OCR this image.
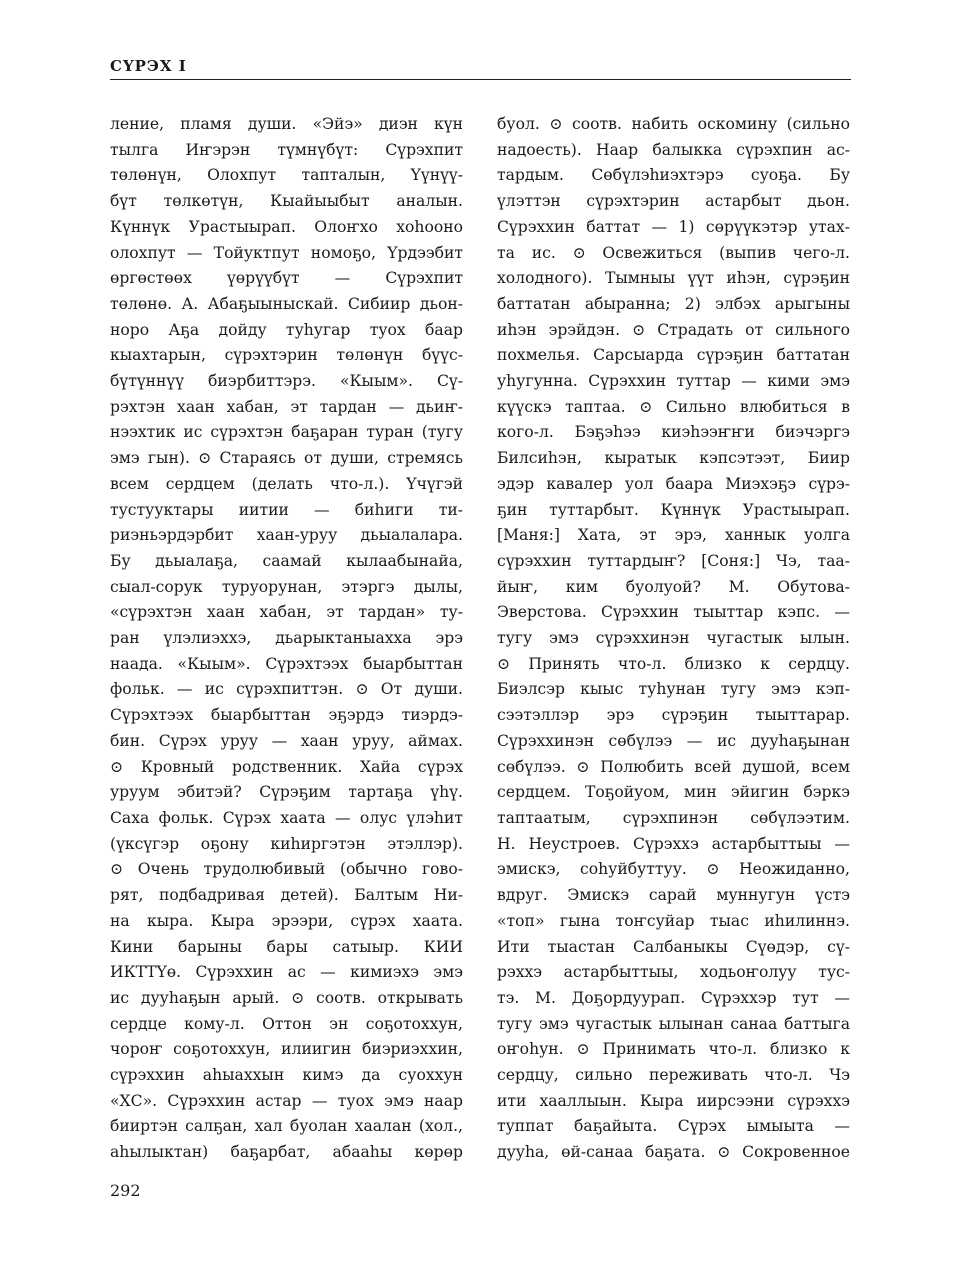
СҮРЭХ I
ление, пламя души. «Эйэ» диэн күн
тылга Иҥэрэн түмнүбүт: Сүрэхпит
төлөнүн, Олохпут тапталын, Үүнүү-
бүт төлкөтүн, Кыайыыбыт аналын.
Күннүк Урастыырап. Олоҥхо хоһооно
олохпут — Тойуктпут номоҕо, Үрдээбит
өргөстөөх үөрүүбүт — Сүрэхпит
төлөнө. А. Абаҕыыныскай. Сибиир дьон-
норо Аҕа дойду туһугар туох баар
кыахтарын, сүрэхтэрин төлөнүн бүүс-
бүтүннүү биэрбиттэрэ. «Кыым». Сү-
рэхтэн хаан хабан, эт тардан — дьиҥ-
нээхтик ис сүрэхтэн баҕаран туран (тугу
эмэ гын). ⊙ Стараясь от души, стремясь
всем сердцем (делать что-л.). Үчүгэй
тустууктары иитии — биһиги ти-
риэньэрдэрбит хаан-уруу дьыалалара.
Бу дьыалаҕа, саамай кылаабынайа,
сыал-сорук туруорунан, этэргэ дылы,
«сүрэхтэн хаан хабан, эт тардан» ту-
ран үлэлиэххэ, дьарыктаныахха эрэ
наада. «Кыым». Сүрэхтээх быарбыттан
фольк. — ис сүрэхпиттэн. ⊙ От души.
Сүрэхтээх быарбыттан эҕэрдэ тиэрдэ-
бин. Сүрэх уруу — хаан уруу, аймах.
⊙ Кровный родственник. Хайа сүрэх
уруум эбитэй? Сүрэҕим тартаҕа үһү.
Саха фольк. Сүрэх хаата — олус үлэһит
(үксүгэр оҕону киһиргэтэн этэллэр).
⊙ Очень трудолюбивый (обычно гово-
рят, подбадривая детей). Балтым Ни-
на кыра. Кыра эрээри, сүрэх хаата.
Кини барыны бары сатыыр. КИИ
ИКТТҮө. Сүрэххин ас — кимиэхэ эмэ
ис дууһаҕын арый. ⊙ соотв. открывать
сердце кому-л. Оттон эн соҕотоххун,
чороҥ соҕотоххун, илиигин биэриэххин,
сүрэххин аһыаххын кимэ да суоххун
«ХС». Сүрэххин астар — туох эмэ наар
бииртэн салҕан, хал буолан хаалан (хол.,
аһылыктан) баҕарбат, абааһы көрөр
буол. ⊙ соотв. набить оскомину (сильно
надоесть). Наар балыкка сүрэхпин ас-
тардым. Сөбүлэһиэхтэрэ суоҕа. Бу
үлэттэн сүрэхтэрин астарбыт дьон.
Сүрэххин баттат — 1) сөрүүкэтэр утах-
та ис. ⊙ Освежиться (выпив чего-л.
холодного). Тымныы үүт иһэн, сүрэҕин
баттатан абыранна; 2) элбэх арыгыны
иһэн эрэйдэн. ⊙ Страдать от сильного
похмелья. Сарсыарда сүрэҕин баттатан
уһугунна. Сүрэххин туттар — кими эмэ
күүскэ таптаа. ⊙ Сильно влюбиться в
кого-л. Бэҕэһээ киэһээҥҥи биэчэргэ
Билсиһэн, кыратык кэпсэтээт, Биир
эдэр кавалер уол баара Миэхэҕэ сүрэ-
ҕин туттарбыт. Күннүк Урастыырап.
[Маня:] Хата, эт эрэ, ханнык уолга
сүрэххин туттардыҥ? [Соня:] Чэ, таа-
йыҥ, ким буолуой? М. Обутова-
Эверстова. Сүрэххин тыыттар кэпс. —
тугу эмэ сүрэххинэн чугастык ылын.
⊙ Принять что-л. близко к сердцу.
Биэлсэр кыыс туһунан тугу эмэ кэп-
сээтэллэр эрэ сүрэҕин тыыттарар.
Сүрэххинэн сөбүлээ — ис дууһаҕынан
сөбүлээ. ⊙ Полюбить всей душой, всем
сердцем. Тоҕойуом, мин эйигин бэркэ
таптаатым, сүрэхпинэн сөбүлээтим.
Н. Неустроев. Сүрэххэ астарбыттыы —
эмискэ, соһуйбуттуу. ⊙ Неожиданно,
вдруг. Эмискэ сарай муннугун үстэ
«топ» гына тоҥсуйар тыас иһилиннэ.
Ити тыастан Салбаныкы Сүөдэр, сү-
рэххэ астарбыттыы, ходьоҥолуу тус-
тэ. М. Доҕордуурап. Сүрэххэр тут —
тугу эмэ чугастык ылынан санаа баттыга
оҥоһун. ⊙ Принимать что-л. близко к
сердцу, сильно переживать что-л. Чэ
ити хааллыын. Кыра иирсээни сүрэххэ
туппат баҕайыта. Сүрэх ымыыта —
дууһа, өй-санаа баҕата. ⊙ Сокровенное
292
